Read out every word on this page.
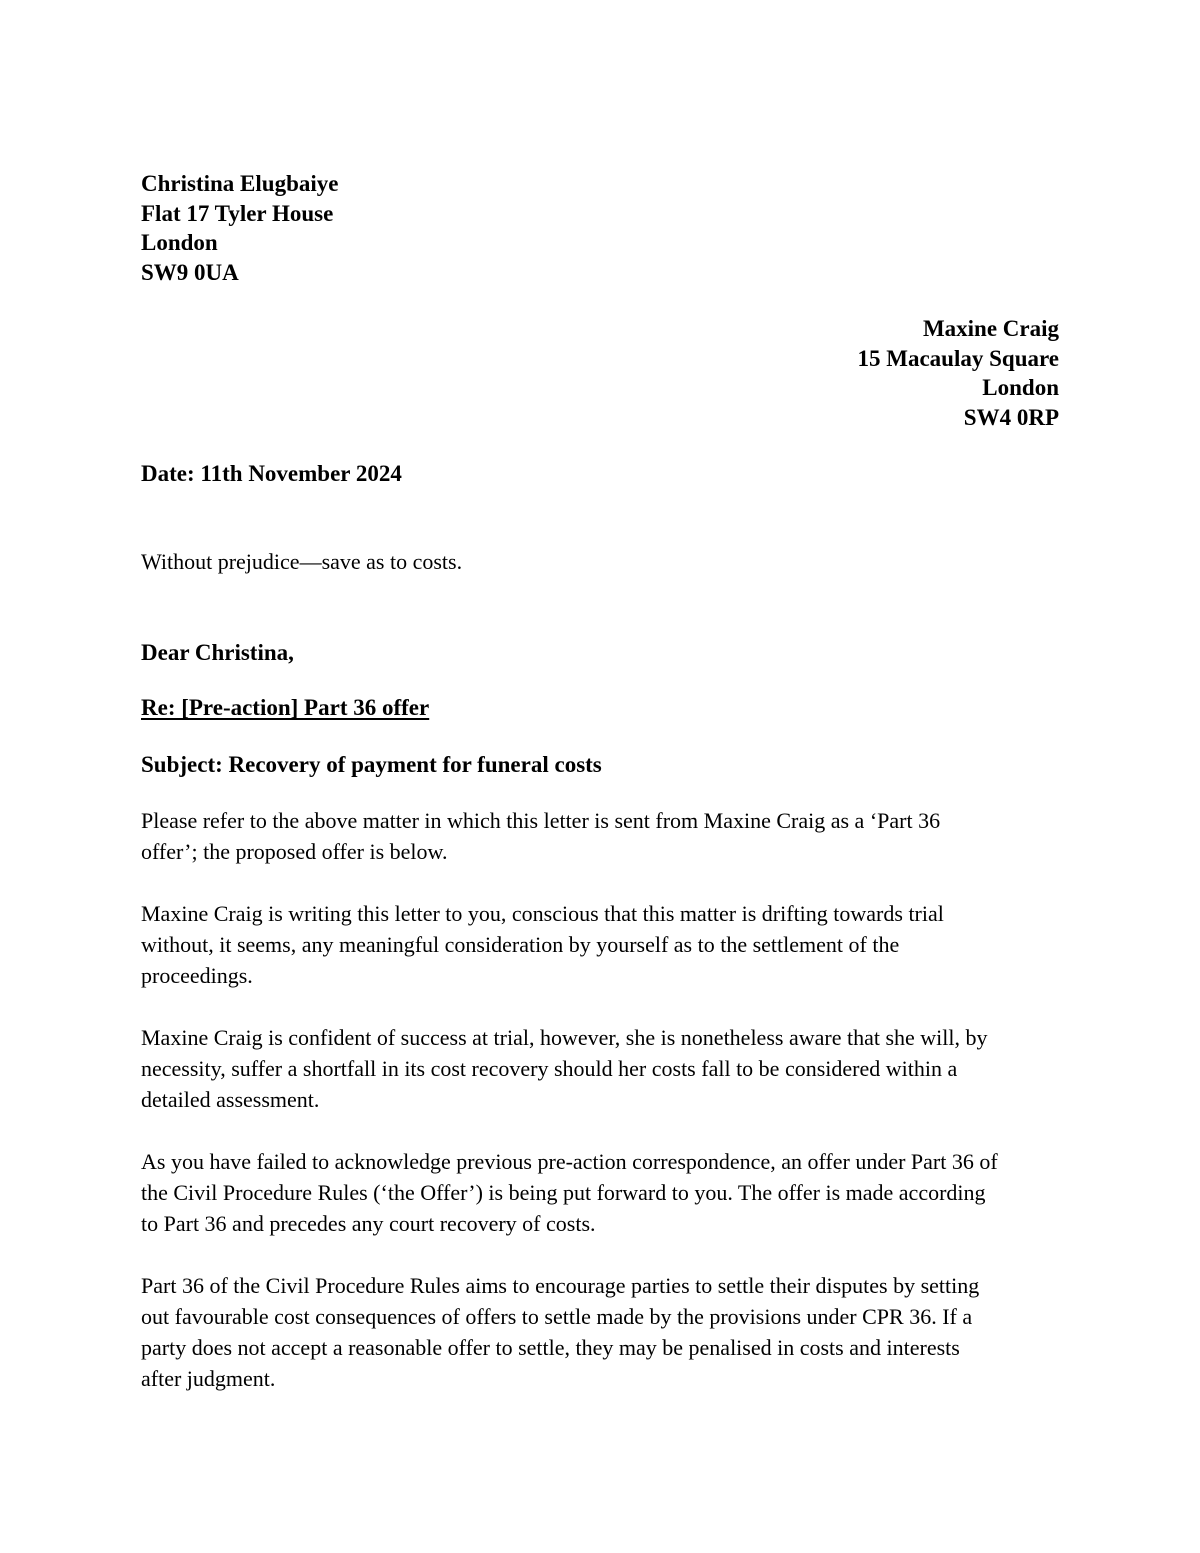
Christina Elugbaiye
Flat 17 Tyler House
London
SW9 0UA
Maxine Craig
15 Macaulay Square
London
SW4 0RP
Date: 11th November 2024
Without prejudice—save as to costs.
Dear Christina,
Re: [Pre-action] Part 36 offer
Subject: Recovery of payment for funeral costs

Please refer to the above matter in which this letter is sent from Maxine Craig as a ‘Part 36
offer’; the proposed offer is below.

Maxine Craig is writing this letter to you, conscious that this matter is drifting towards trial
without, it seems, any meaningful consideration by yourself as to the settlement of the
proceedings.

Maxine Craig is confident of success at trial, however, she is nonetheless aware that she will, by
necessity, suffer a shortfall in its cost recovery should her costs fall to be considered within a
detailed assessment.

As you have failed to acknowledge previous pre-action correspondence, an offer under Part 36 of
the Civil Procedure Rules (‘the Offer’) is being put forward to you. The offer is made according
to Part 36 and precedes any court recovery of costs.

Part 36 of the Civil Procedure Rules aims to encourage parties to settle their disputes by setting
out favourable cost consequences of offers to settle made by the provisions under CPR 36. If a
party does not accept a reasonable offer to settle, they may be penalised in costs and interests
after judgment.
